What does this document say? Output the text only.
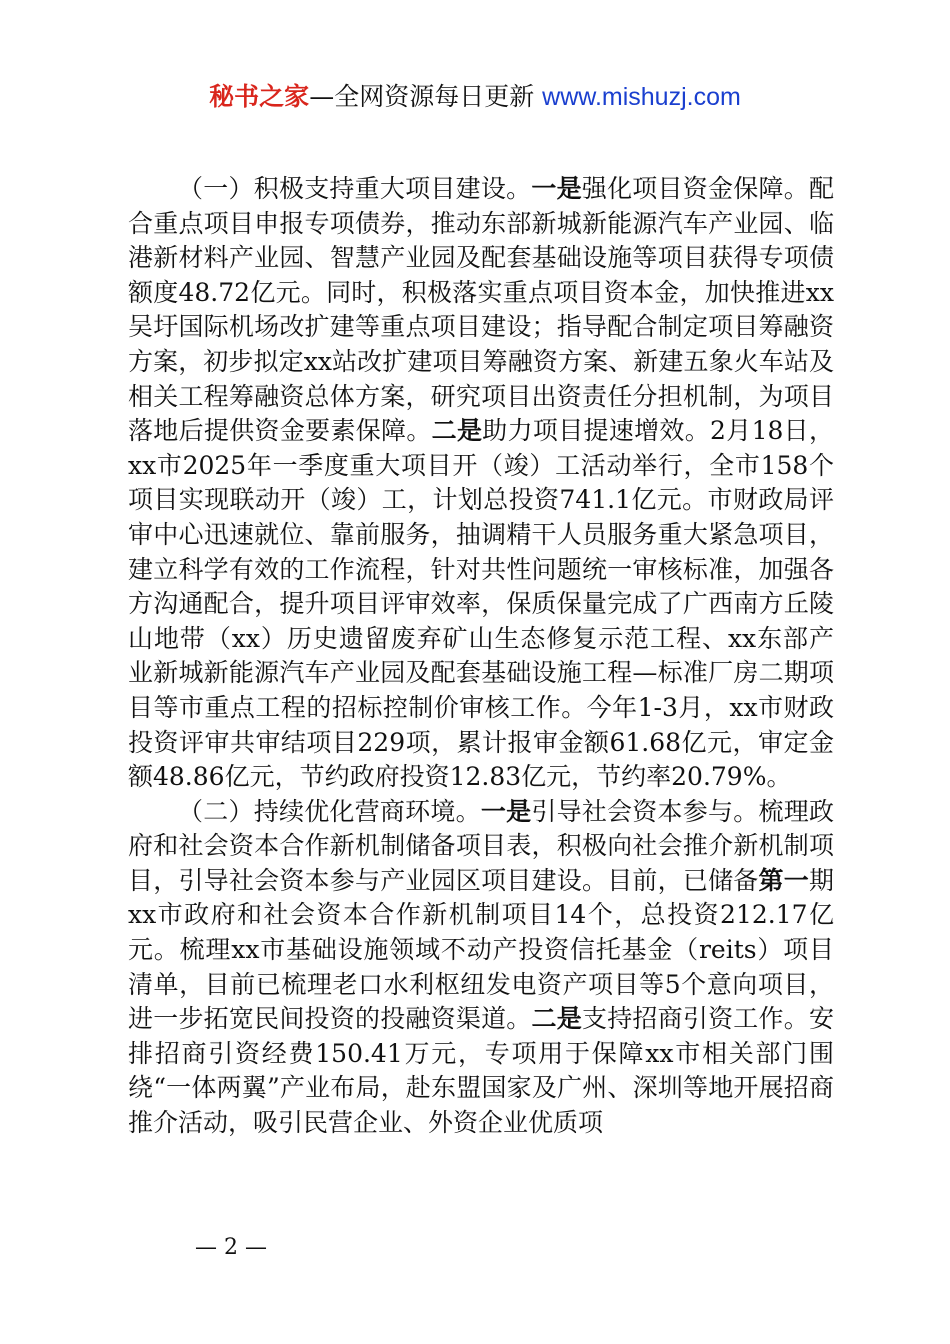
秘书之家—全网资源每日更新 www.mishuzj.com

（一）积极支持重大项目建设。一是强化项目资金保障。配合重点项目申报专项债券，推动东部新城新能源汽车产业园、临港新材料产业园、智慧产业园及配套基础设施等项目获得专项债额度48.72亿元。同时，积极落实重点项目资本金，加快推进xx吴圩国际机场改扩建等重点项目建设；指导配合制定项目筹融资方案，初步拟定xx站改扩建项目筹融资方案、新建五象火车站及相关工程筹融资总体方案，研究项目出资责任分担机制，为项目落地后提供资金要素保障。二是助力项目提速增效。2月18日，xx市2025年一季度重大项目开（竣）工活动举行，全市158个项目实现联动开（竣）工，计划总投资741.1亿元。市财政局评审中心迅速就位、靠前服务，抽调精干人员服务重大紧急项目，建立科学有效的工作流程，针对共性问题统一审核标准，加强各方沟通配合，提升项目评审效率，保质保量完成了广西南方丘陵山地带（xx）历史遗留废弃矿山生态修复示范工程、xx东部产业新城新能源汽车产业园及配套基础设施工程—标准厂房二期项目等市重点工程的招标控制价审核工作。今年1-3月，xx市财政投资评审共审结项目229项，累计报审金额61.68亿元，审定金额48.86亿元，节约政府投资12.83亿元，节约率20.79%。

（二）持续优化营商环境。一是引导社会资本参与。梳理政府和社会资本合作新机制储备项目表，积极向社会推介新机制项目，引导社会资本参与产业园区项目建设。目前，已储备第一期xx市政府和社会资本合作新机制项目14个，总投资212.17亿元。梳理xx市基础设施领域不动产投资信托基金（reits）项目清单，目前已梳理老口水利枢纽发电资产项目等5个意向项目，进一步拓宽民间投资的投融资渠道。二是支持招商引资工作。安排招商引资经费150.41万元，专项用于保障xx市相关部门围绕“一体两翼”产业布局，赴东盟国家及广州、深圳等地开展招商推介活动，吸引民营企业、外资企业优质项

— 2 —
